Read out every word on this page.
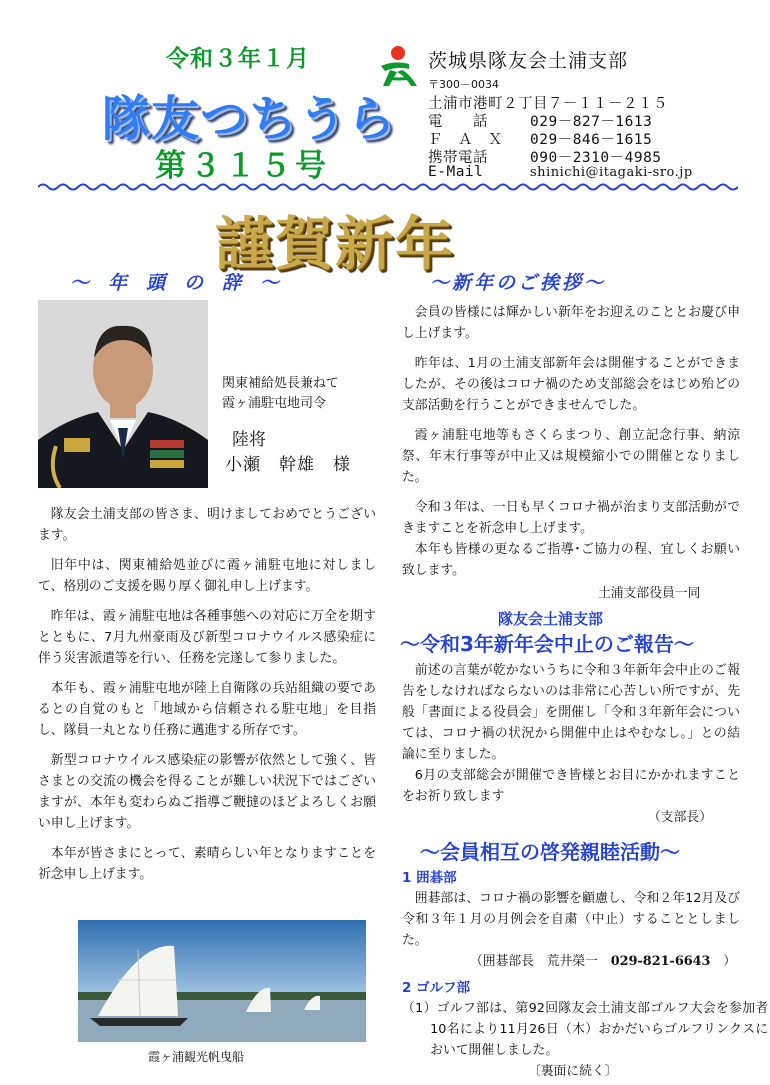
令和３年１月
隊友つちうら
第３１５号
茨城県隊友会土浦支部
〒300－0034
土浦市港町２丁目７－１１－２１５
電　　話	029－827－1613
Ｆ　Ａ　Ｘ 029－846－1615
携帯電話	090－2310－4985
E-Mail	shinichi@itagaki-sro.jp
謹賀新年
～　年　頭　の　辞　～
関東補給処長兼ねて
霞ヶ浦駐屯地司令
陸将
小瀬　幹雄　様

隊友会土浦支部の皆さま、明けましておめでとうございます。

旧年中は、関東補給処並びに霞ヶ浦駐屯地に対しまして、格別のご支援を賜り厚く御礼申し上げます。

昨年は、霞ヶ浦駐屯地は各種事態への対応に万全を期すとともに、7月九州豪雨及び新型コロナウイルス感染症に伴う災害派遣等を行い、任務を完遂して参りました。

本年も、霞ヶ浦駐屯地が陸上自衛隊の兵站組織の要であるとの自覚のもと「地域から信頼される駐屯地」を目指し、隊員一丸となり任務に邁進する所存です。

新型コロナウイルス感染症の影響が依然として強く、皆さまとの交流の機会を得ることが難しい状況下ではございますが、本年も変わらぬご指導ご鞭撻のほどよろしくお願い申し上げます。

本年が皆さまにとって、素晴らしい年となりますことを祈念申し上げます。

霞ヶ浦観光帆曳船
～新年のご挨拶～

会員の皆様には輝かしい新年をお迎えのこととお慶び申し上げます。

昨年は、1月の土浦支部新年会は開催することができましたが、その後はコロナ禍のため支部総会をはじめ殆どの支部活動を行うことができませんでした。

霞ヶ浦駐屯地等もさくらまつり、創立記念行事、納涼祭、年末行事等が中止又は規模縮小での開催となりました。

令和３年は、一日も早くコロナ禍が治まり支部活動ができますことを祈念申し上げます。

本年も皆様の更なるご指導･ご協力の程、宜しくお願い致します。

土浦支部役員一同
隊友会土浦支部
～令和3年新年会中止のご報告～

前述の言葉が乾かないうちに令和３年新年会中止のご報告をしなければならないのは非常に心苦しい所ですが、先般「書面による役員会」を開催し「令和３年新年会については、コロナ禍の状況から開催中止はやむなし。」との結論に至りました。

6月の支部総会が開催でき皆様とお目にかかれますことをお祈り致します

（支部長）
～会員相互の啓発親睦活動～
1 囲碁部

囲碁部は、コロナ禍の影響を顧慮し、令和２年12月及び令和３年１月の月例会を自粛（中止）することとしました。

（囲碁部長　荒井榮一　 029-821-6643　 ）
2 ゴルフ部

（1）ゴルフ部は、第92回隊友会土浦支部ゴルフ大会を参加者10名により11月26日（木）おかだいらゴルフリンクスにおいて開催しました。

〔裏面に続く〕
